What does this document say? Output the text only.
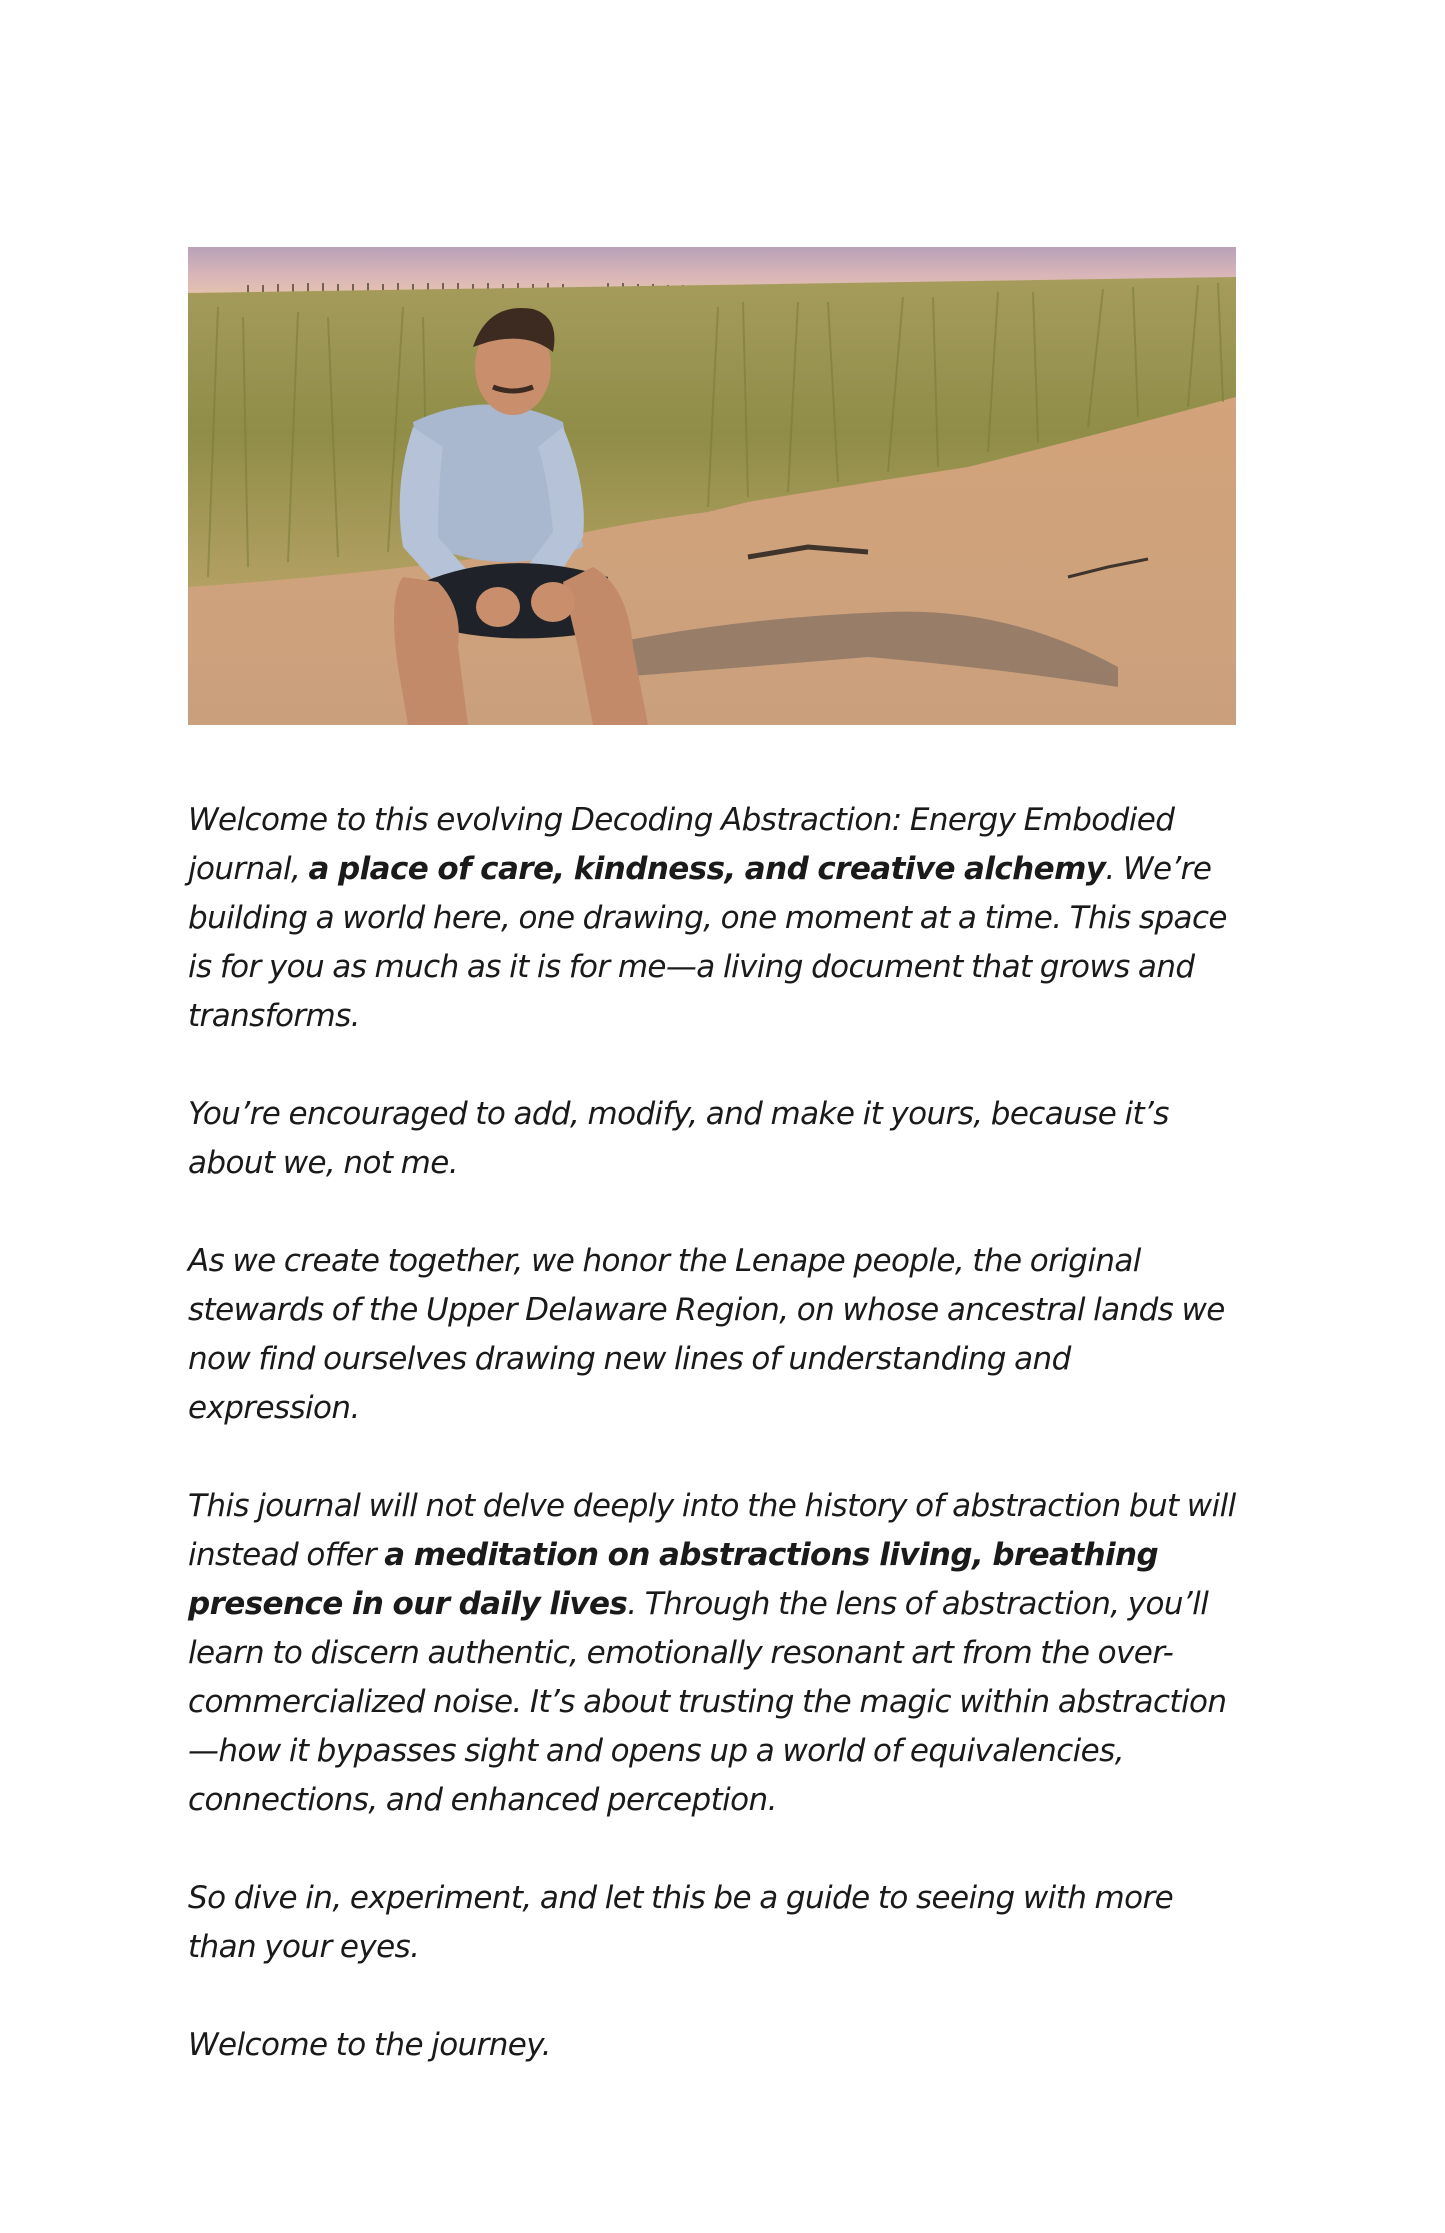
Welcome to this evolving Decoding Abstraction: Energy Embodied journal, a place of care, kindness, and creative alchemy. We’re building a world here, one drawing, one moment at a time. This space is for you as much as it is for me—a living document that grows and transforms.

You’re encouraged to add, modify, and make it yours, because it’s about we, not me.

As we create together, we honor the Lenape people, the original stewards of the Upper Delaware Region, on whose ancestral lands we now find ourselves drawing new lines of understanding and expression.

This journal will not delve deeply into the history of abstraction but will instead offer a meditation on abstractions living, breathing presence in our daily lives. Through the lens of abstraction, you’ll learn to discern authentic, emotionally resonant art from the over-commercialized noise. It’s about trusting the magic within abstraction—how it bypasses sight and opens up a world of equivalencies, connections, and enhanced perception.

So dive in, experiment, and let this be a guide to seeing with more than your eyes.

Welcome to the journey.
